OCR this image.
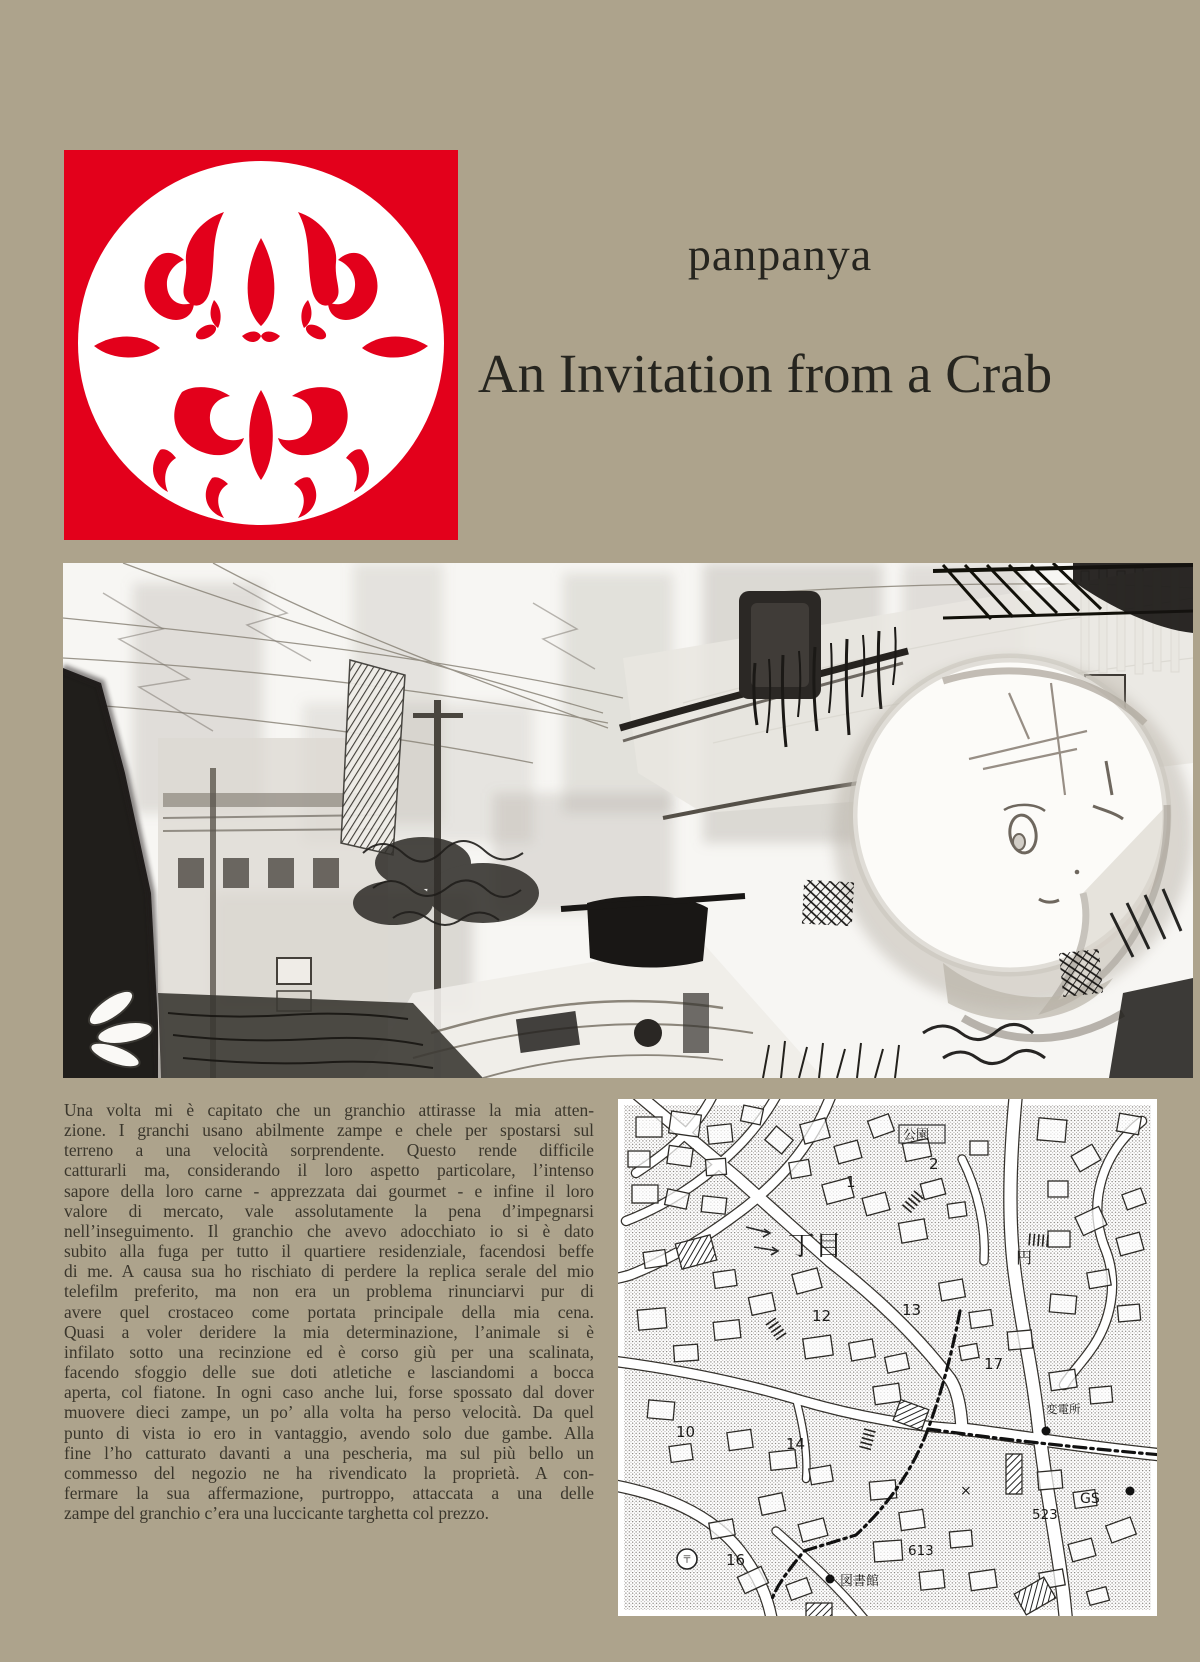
panpanya
An Invitation from a Crab
Una volta mi è capitato che un granchio attirasse la mia atten-
zione. I granchi usano abilmente zampe e chele per spostarsi sul
terreno a una velocità sorprendente. Questo rende difficile
catturarli ma, considerando il loro aspetto particolare, l’intenso
sapore della loro carne - apprezzata dai gourmet - e infine il loro
valore di mercato, vale assolutamente la pena d’impegnarsi
nell’inseguimento. Il granchio che avevo adocchiato io si è dato
subito alla fuga per tutto il quartiere residenziale, facendosi beffe
di me. A causa sua ho rischiato di perdere la replica serale del mio
telefilm preferito, ma non era un problema rinunciarvi pur di
avere quel crostaceo come portata principale della mia cena.
Quasi a voler deridere la mia determinazione, l’animale si è
infilato sotto una recinzione ed è corso giù per una scalinata,
facendo sfoggio delle sue doti atletiche e lasciandomi a bocca
aperta, col fiatone. In ogni caso anche lui, forse spossato dal dover
muovere dieci zampe, un po’ alla volta ha perso velocità. Da quel
punto di vista io ero in vantaggio, avendo solo due gambe. Alla
fine l’ho catturato davanti a una pescheria, ma sul più bello un
commesso del negozio ne ha rivendicato la proprietà. A con-
fermare la sua affermazione, purtroppo, attaccata a una delle
zampe del granchio c’era una luccicante targhetta col prezzo.
公園
2
1
丁目
12	13
円
17
10
14
変電所
×	GS
523
613
16
〒
図書館
